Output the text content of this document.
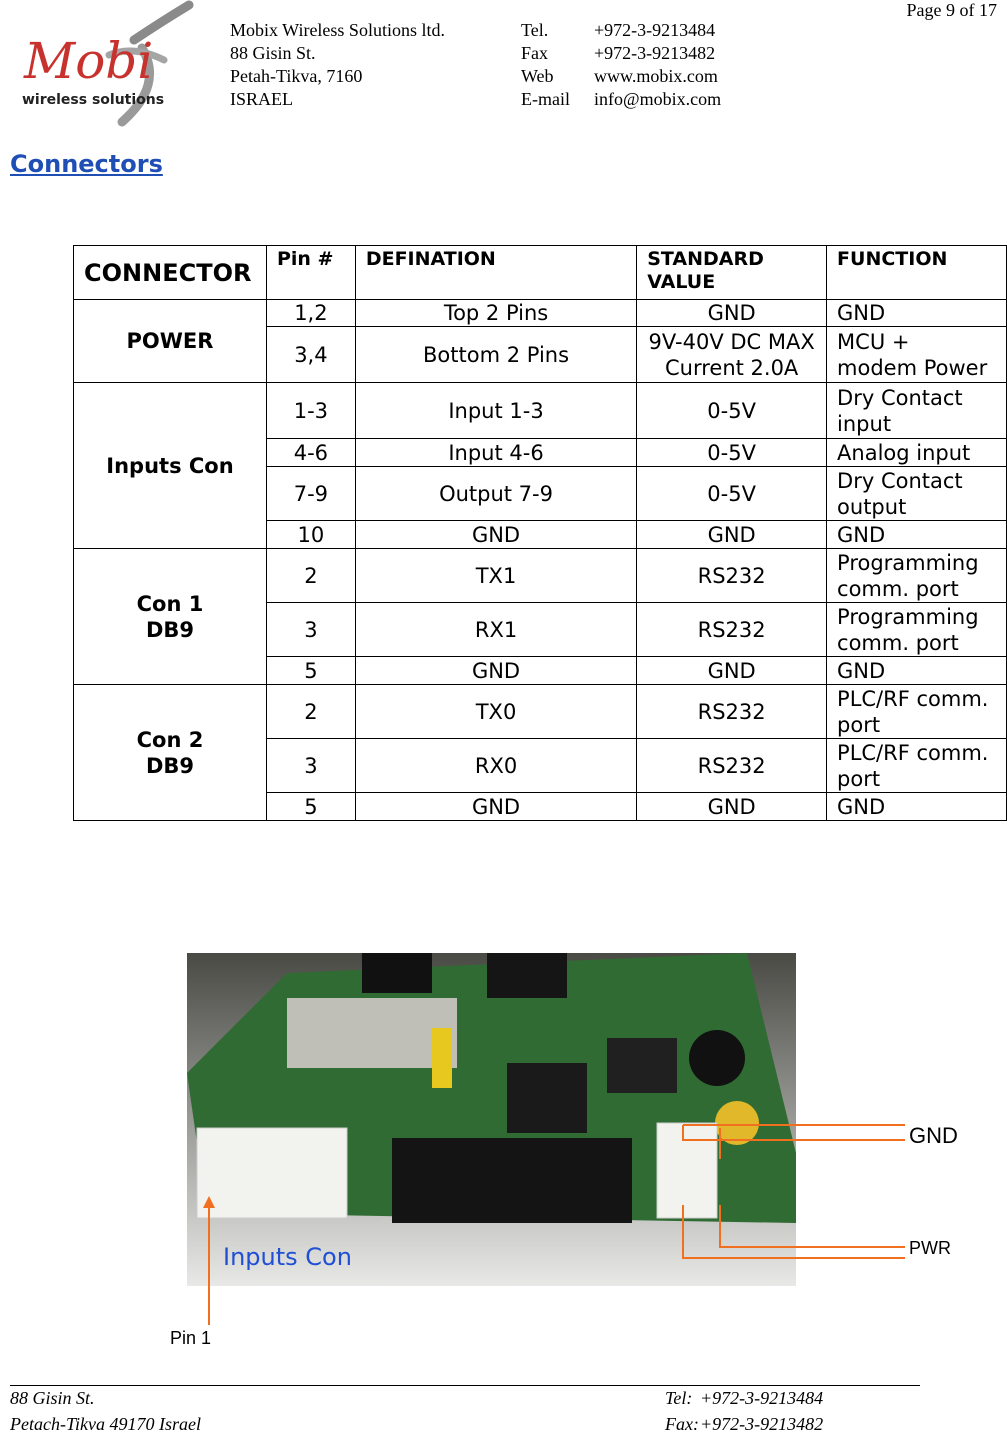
Mobi
wireless solutions
Mobix Wireless Solutions ltd.
88 Gisin St.
Petah-Tikva, 7160
ISRAEL
Tel.
Fax
Web
E-mail
+972-3-9213484
+972-3-9213482
www.mobix.com
info@mobix.com
Page 9 of 17
Connectors
CONNECTOR	Pin #	DEFINATION	STANDARD VALUE	FUNCTION

POWER	1,2	Top 2 Pins	GND	GND
	3,4	Bottom 2 Pins	9V-40V DC MAX Current 2.0A	MCU + modem Power

Inputs Con	1-3	Input 1-3	0-5V	Dry Contact input
	4-6	Input 4-6	0-5V	Analog input
	7-9	Output 7-9	0-5V	Dry Contact output
	10	GND	GND	GND

Con 1
DB9	2	TX1	RS232	Programming comm. port
	3	RX1	RS232	Programming comm. port
	5	GND	GND	GND

Con 2
DB9	2	TX0	RS232	PLC/RF comm. port
	3	RX0	RS232	PLC/RF comm. port
	5	GND	GND	GND
Inputs Con
GND
PWR
Pin 1
88 Gisin St.
Petach-Tikva 49170 Israel
Tel:
Fax:
+972-3-9213484
+972-3-9213482
